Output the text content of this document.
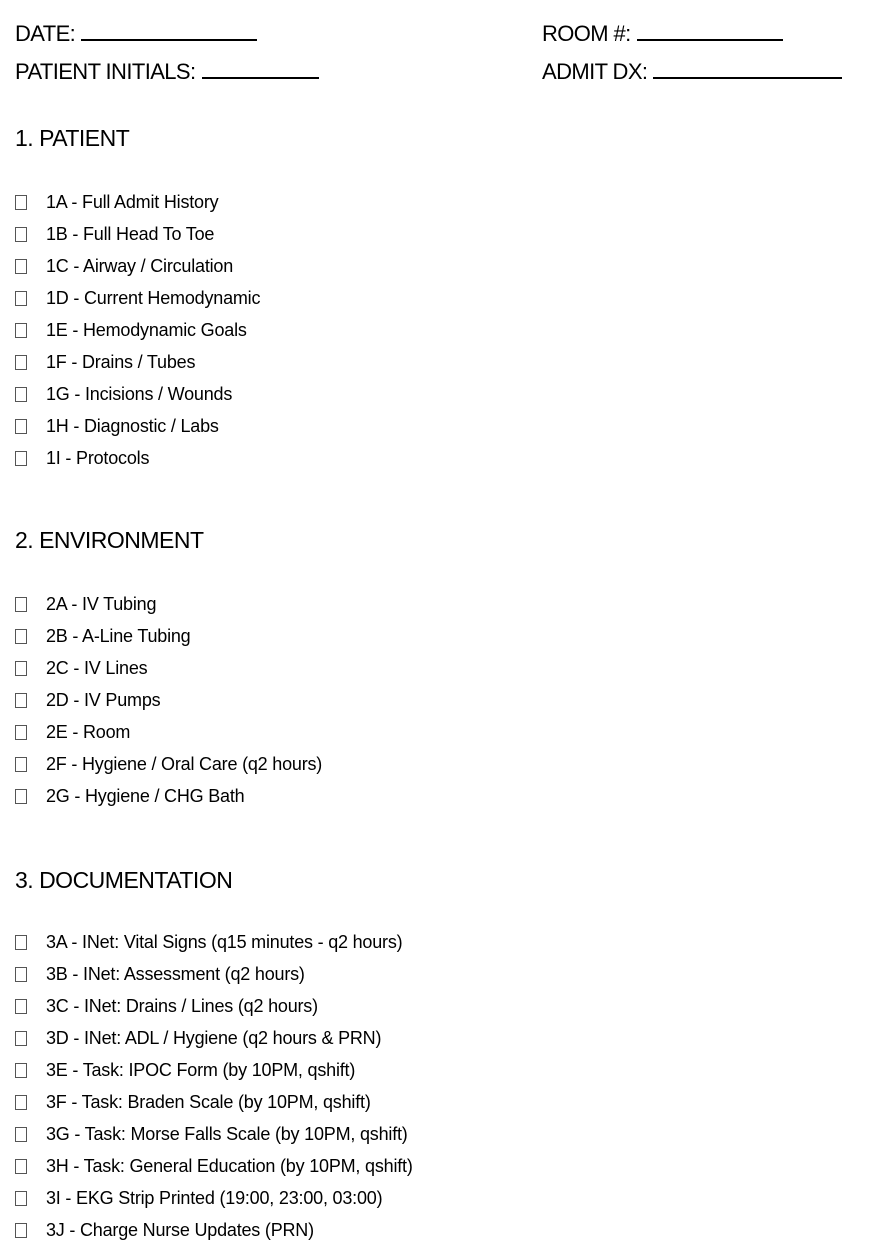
DATE:	ROOM #:
PATIENT INITIALS:	ADMIT DX:
1. PATIENT
1A - Full Admit History
1B - Full Head To Toe
1C - Airway / Circulation
1D - Current Hemodynamic
1E - Hemodynamic Goals
1F - Drains / Tubes
1G - Incisions / Wounds
1H - Diagnostic / Labs
1I - Protocols
2. ENVIRONMENT
2A - IV Tubing
2B - A-Line Tubing
2C - IV Lines
2D - IV Pumps
2E - Room
2F - Hygiene / Oral Care (q2 hours)
2G - Hygiene / CHG Bath
3. DOCUMENTATION
3A - INet: Vital Signs (q15 minutes - q2 hours)
3B - INet: Assessment (q2 hours)
3C - INet: Drains / Lines (q2 hours)
3D - INet: ADL / Hygiene (q2 hours & PRN)
3E - Task: IPOC Form (by 10PM, qshift)
3F - Task: Braden Scale (by 10PM, qshift)
3G - Task: Morse Falls Scale (by 10PM, qshift)
3H - Task: General Education (by 10PM, qshift)
3I - EKG Strip Printed (19:00, 23:00, 03:00)
3J - Charge Nurse Updates (PRN)
